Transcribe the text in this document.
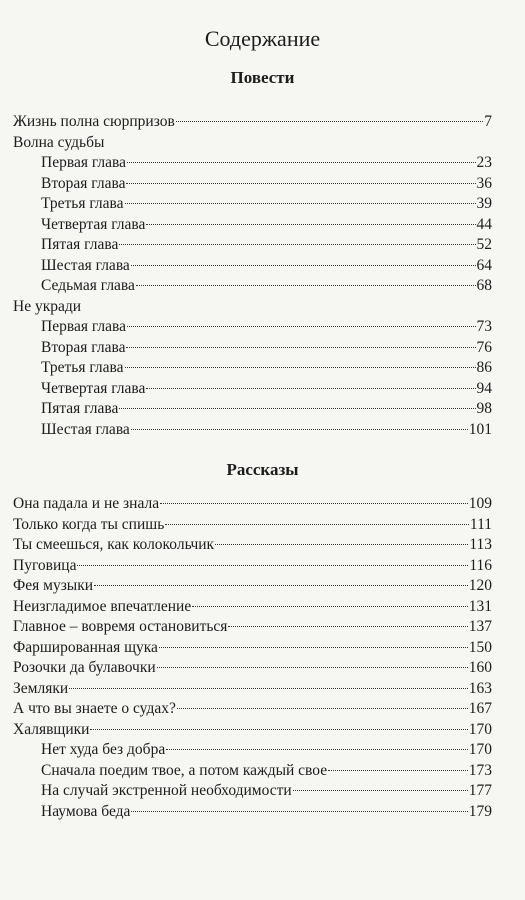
Содержание
Повести
Жизнь полна сюрпризов	7
Волна судьбы
Первая глава	23
Вторая глава	36
Третья глава	39
Четвертая глава	44
Пятая глава	52
Шестая глава	64
Седьмая глава	68
Не укради
Первая глава	73
Вторая глава	76
Третья глава	86
Четвертая глава	94
Пятая глава	98
Шестая глава	101
Рассказы
Она падала и не знала	109
Только когда ты спишь	111
Ты смеешься, как колокольчик	113
Пуговица	116
Фея музыки	120
Неизгладимое впечатление	131
Главное – вовремя остановиться	137
Фаршированная щука	150
Розочки да булавочки	160
Земляки	163
А что вы знаете о судах?	167
Халявщики	170
Нет худа без добра	170
Сначала поедим твое, а потом каждый свое	173
На случай экстренной необходимости	177
Наумова беда	179
